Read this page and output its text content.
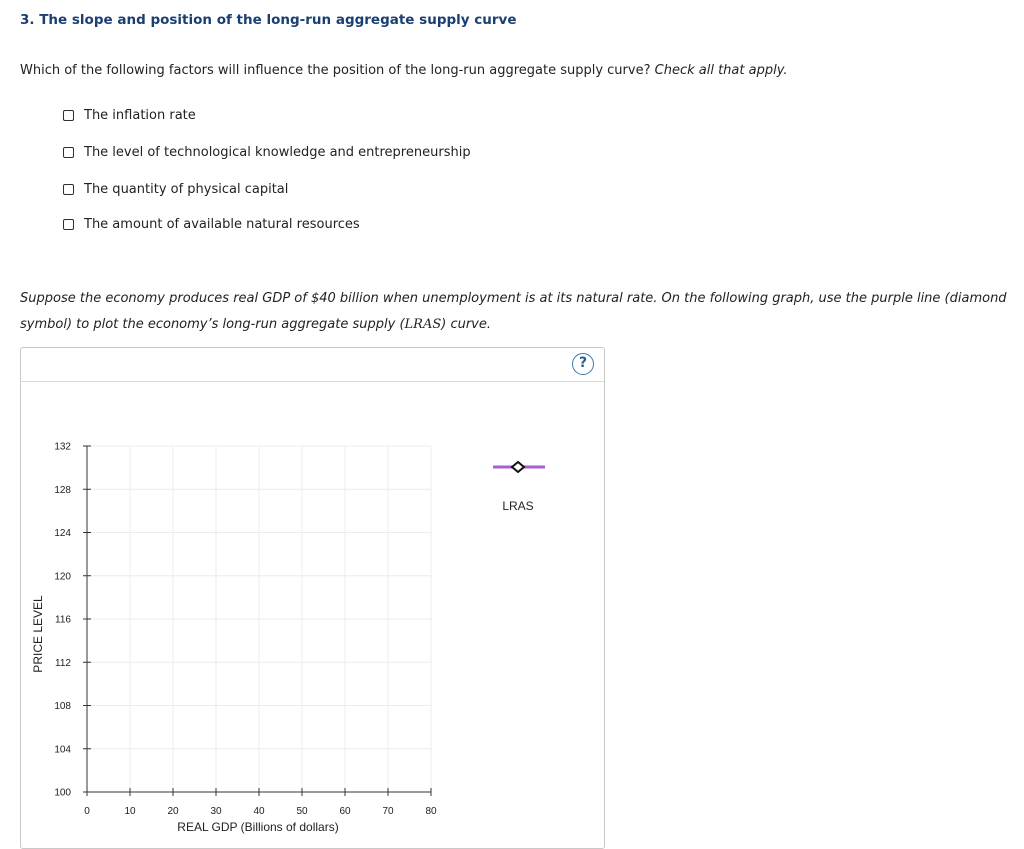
3. The slope and position of the long-run aggregate supply curve
Which of the following factors will influence the position of the long-run aggregate supply curve? Check all that apply.
The inflation rate
The level of technological knowledge and entrepreneurship
The quantity of physical capital
The amount of available natural resources
Suppose the economy produces real GDP of $40 billion when unemployment is at its natural rate. On the following graph, use the purple line (diamond
symbol) to plot the economy’s long-run aggregate supply (LRAS) curve.
?
100
104
108
112
116
120
124
128
132
0	10	20	30	40	50	60	70	80
PRICE LEVEL
REAL GDP (Billions of dollars)
LRAS
